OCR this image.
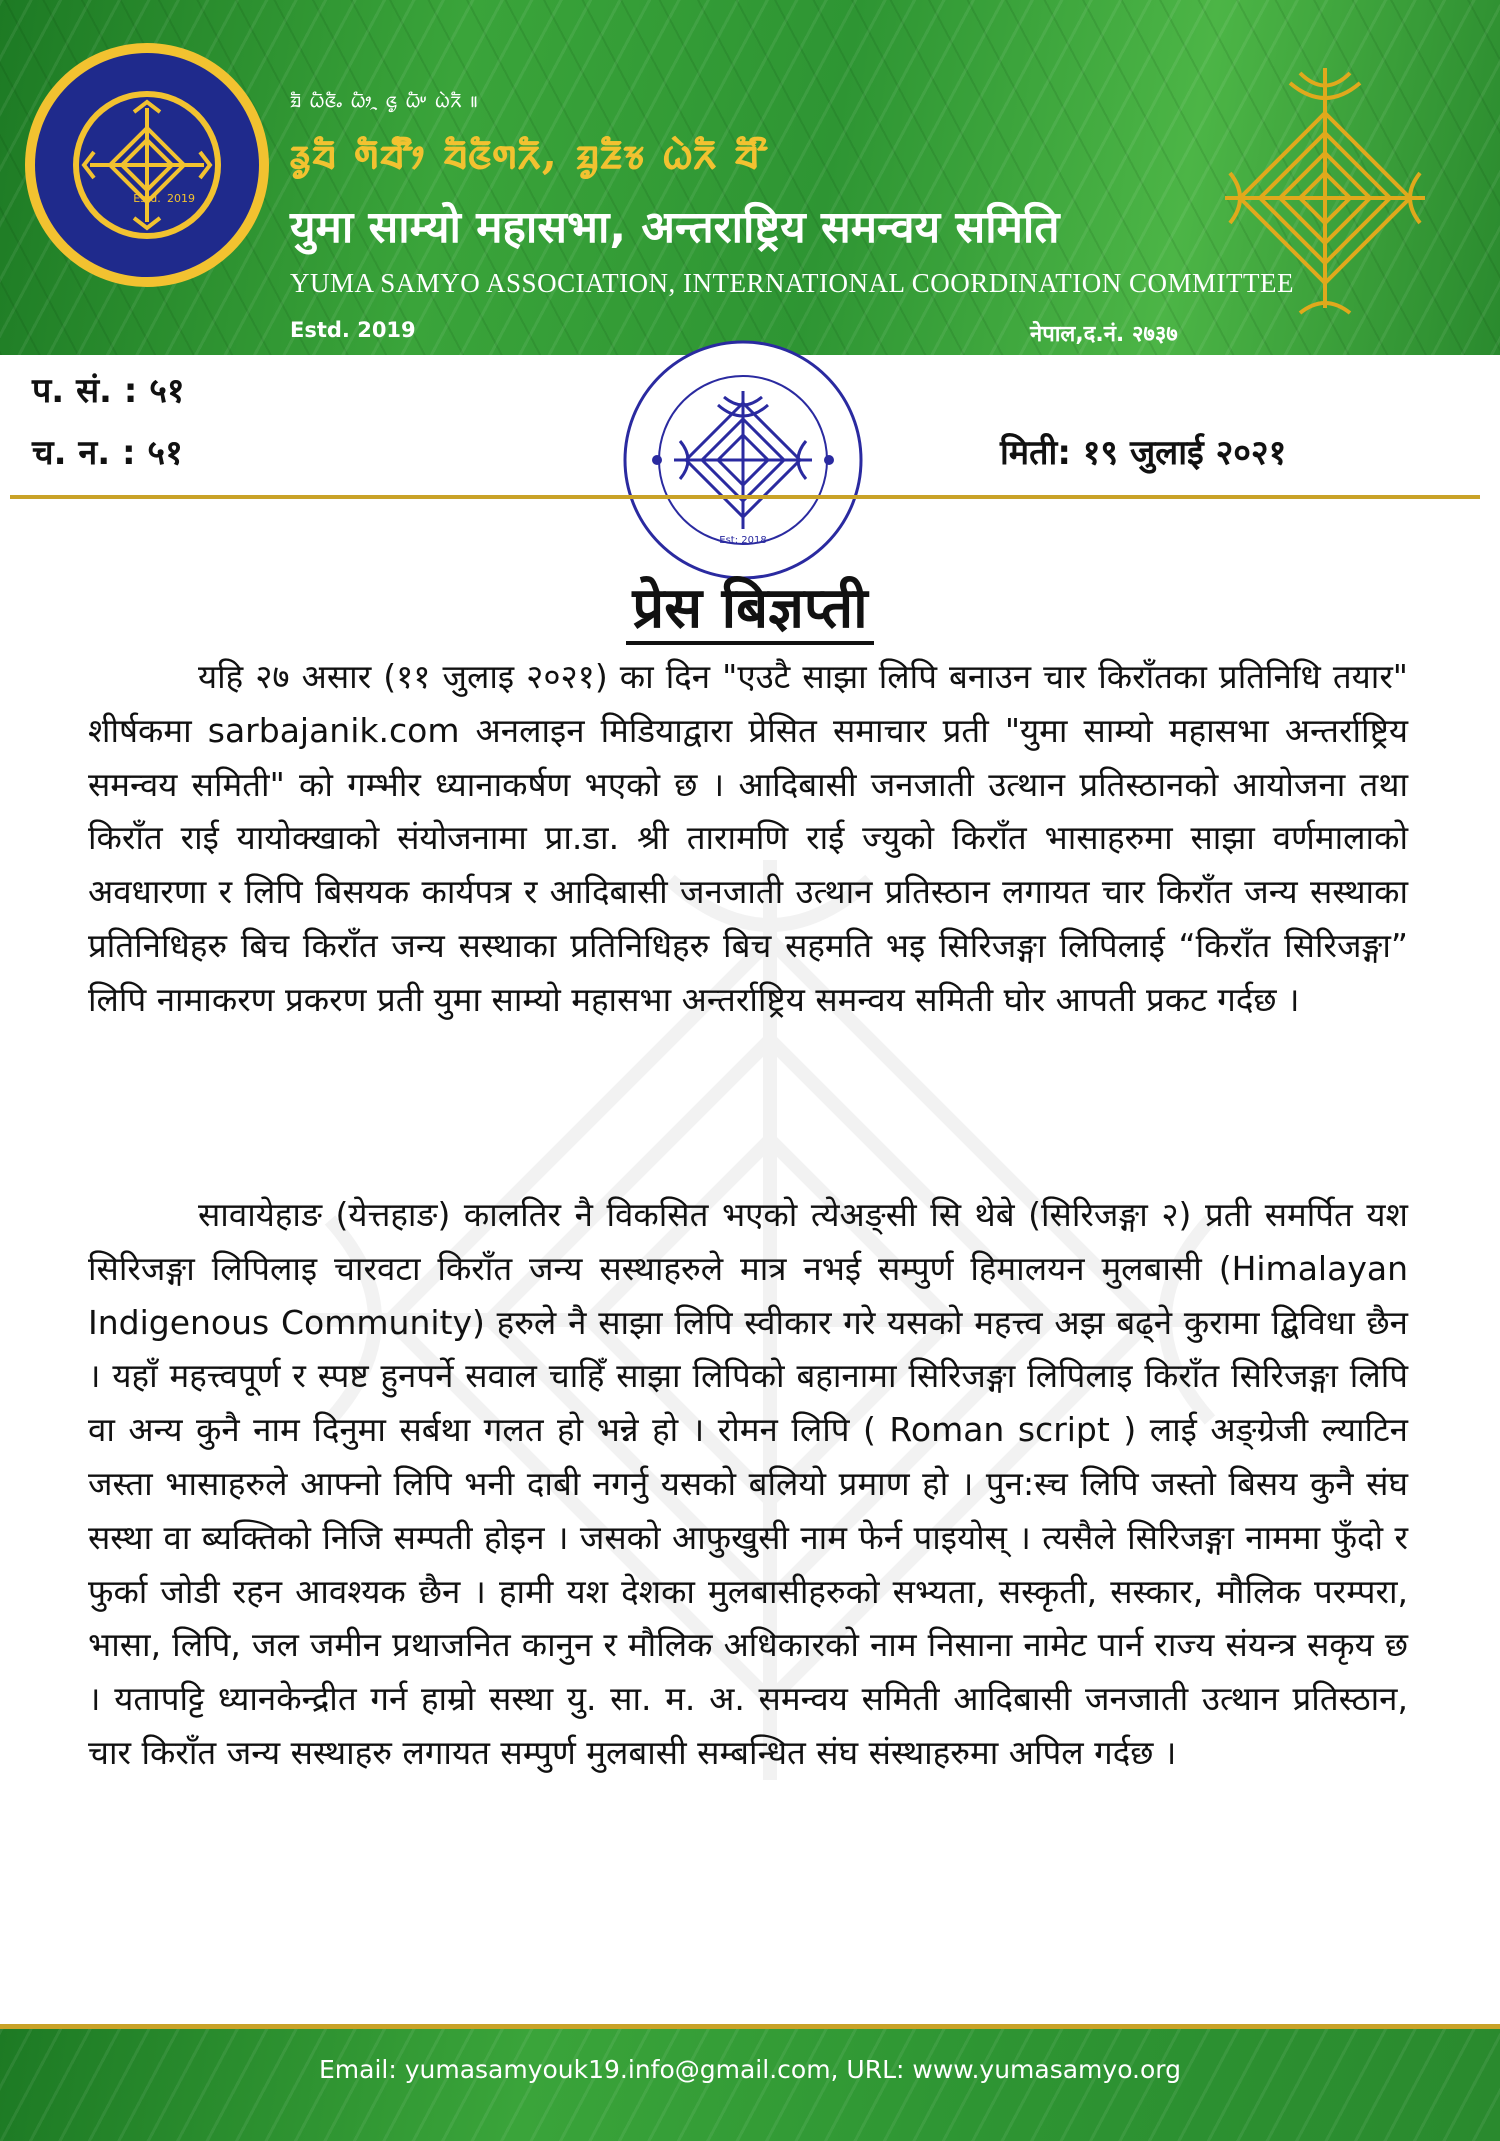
Estd. 2019
ᤀᤠ ᤐᤠᤜᤠᤱ ᤐᤥᤳ ᤜᤢ ᤐᤠᤸ ᤐᤧᤖᤠ ॥
ᤕᤢᤔᤠ ᤛᤠᤔᤡᤥ ᤔᤠᤜᤠᤛᤖᤠ, ᤀᤢᤏᤠᤠᤃ ᤐᤧᤖᤠ ᤔᤠᤡ
युमा साम्यो महासभा, अन्तराष्ट्रिय समन्वय समिति
YUMA SAMYO ASSOCIATION, INTERNATIONAL COORDINATION COMMITTEE
Estd. 2019	नेपाल,द.नं. २७३७
प. सं. : ५१
च. न. : ५१	मिती: १९ जुलाई २०२१
Est: 2018
प्रेस बिज्ञप्ती

यहि २७ असार (११ जुलाइ २०२१) का दिन "एउटै साझा लिपि बनाउन चार किराँतका प्रतिनिधि तयार" शीर्षकमा sarbajanik.com अनलाइन मिडियाद्वारा प्रेसित समाचार प्रती "युमा साम्यो महासभा अन्तर्राष्ट्रिय समन्वय समिती" को गम्भीर ध्यानाकर्षण भएको छ । आदिबासी जनजाती उत्थान प्रतिस्ठानको आयोजना तथा किराँत राई यायोक्खाको संयोजनामा प्रा.डा. श्री तारामणि राई ज्युको किराँत भासाहरुमा साझा वर्णमालाको अवधारणा र लिपि बिसयक कार्यपत्र र आदिबासी जनजाती उत्थान प्रतिस्ठान लगायत चार किराँत जन्य सस्थाका प्रतिनिधिहरु बिच किराँत जन्य सस्थाका प्रतिनिधिहरु बिच सहमति भइ सिरिजङ्गा लिपिलाई “किराँत सिरिजङ्गा” लिपि नामाकरण प्रकरण प्रती युमा साम्यो महासभा अन्तर्राष्ट्रिय समन्वय समिती घोर आपती प्रकट गर्दछ ।

सावायेहाङ (येत्तहाङ) कालतिर नै विकसित भएको त्येअङ्सी सि थेबे (सिरिजङ्गा २) प्रती समर्पित यश सिरिजङ्गा लिपिलाइ चारवटा किराँत जन्य सस्थाहरुले मात्र नभई सम्पुर्ण हिमालयन मुलबासी (Himalayan Indigenous Community) हरुले नै साझा लिपि स्वीकार गरे यसको महत्त्व अझ बढ्ने कुरामा द्बिविधा छैन । यहाँ महत्त्वपूर्ण र स्पष्ट हुनपर्ने सवाल चाहिँ साझा लिपिको बहानामा सिरिजङ्गा लिपिलाइ किराँत सिरिजङ्गा लिपि वा अन्य कुनै नाम दिनुमा सर्बथा गलत हो भन्ने हो । रोमन लिपि ( Roman script ) लाई अङ्ग्रेजी ल्याटिन जस्ता भासाहरुले आफ्नो लिपि भनी दाबी नगर्नु यसको बलियो प्रमाण हो । पुन:स्च लिपि जस्तो बिसय कुनै संघ सस्था वा ब्यक्तिको निजि सम्पती होइन । जसको आफुखुसी नाम फेर्न पाइयोस् । त्यसैले सिरिजङ्गा नाममा फुँदो र फुर्का जोडी रहन आवश्यक छैन । हामी यश देशका मुलबासीहरुको सभ्यता, सस्कृती, सस्कार, मौलिक परम्परा, भासा, लिपि, जल जमीन प्रथाजनित कानुन र मौलिक अधिकारको नाम निसाना नामेट पार्न राज्य संयन्त्र सकृय छ । यतापट्टि ध्यानकेन्द्रीत गर्न हाम्रो सस्था यु. सा. म. अ. समन्वय समिती आदिबासी जनजाती उत्थान प्रतिस्ठान, चार किराँत जन्य सस्थाहरु लगायत सम्पुर्ण मुलबासी सम्बन्धित संघ संस्थाहरुमा अपिल गर्दछ ।

Email: yumasamyouk19.info@gmail.com, URL: www.yumasamyo.org
